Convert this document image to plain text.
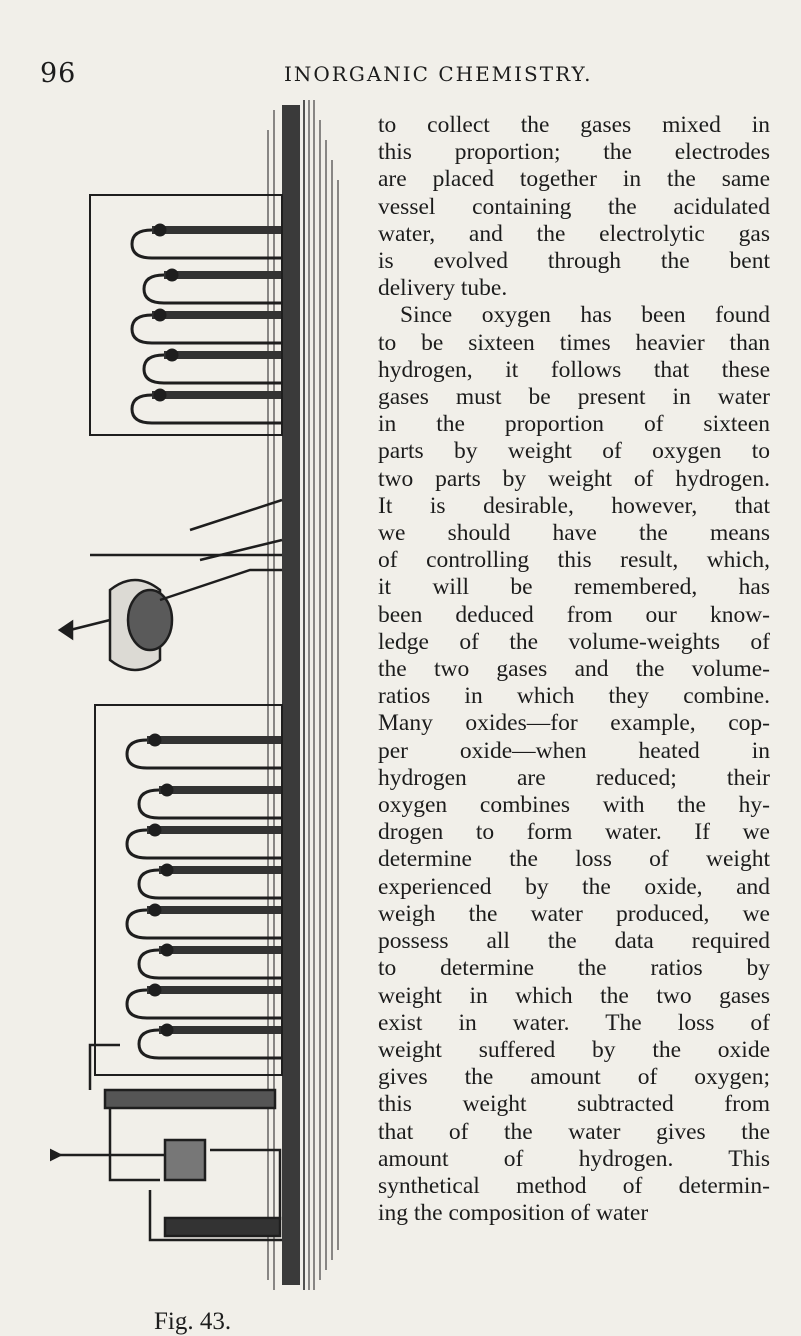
96	INORGANIC CHEMISTRY.
Fig. 43.

to collect the gases mixed in
this proportion; the electrodes
are placed together in the same
vessel containing the acidulated
water, and the electrolytic gas
is evolved through the bent
delivery tube.

Since oxygen has been found
to be sixteen times heavier than
hydrogen, it follows that these
gases must be present in water
in the proportion of sixteen
parts by weight of oxygen to
two parts by weight of hydrogen.
It is desirable, however, that
we should have the means
of controlling this result, which,
it will be remembered, has
been deduced from our know-
ledge of the volume-weights of
the two gases and the volume-
ratios in which they combine.
Many oxides—for example, cop-
per oxide—when heated in
hydrogen are reduced; their
oxygen combines with the hy-
drogen to form water. If we
determine the loss of weight
experienced by the oxide, and
weigh the water produced, we
possess all the data required
to determine the ratios by
weight in which the two gases
exist in water. The loss of
weight suffered by the oxide
gives the amount of oxygen;
this weight subtracted from
that of the water gives the
amount of hydrogen. This
synthetical method of determin-
ing the composition of water
